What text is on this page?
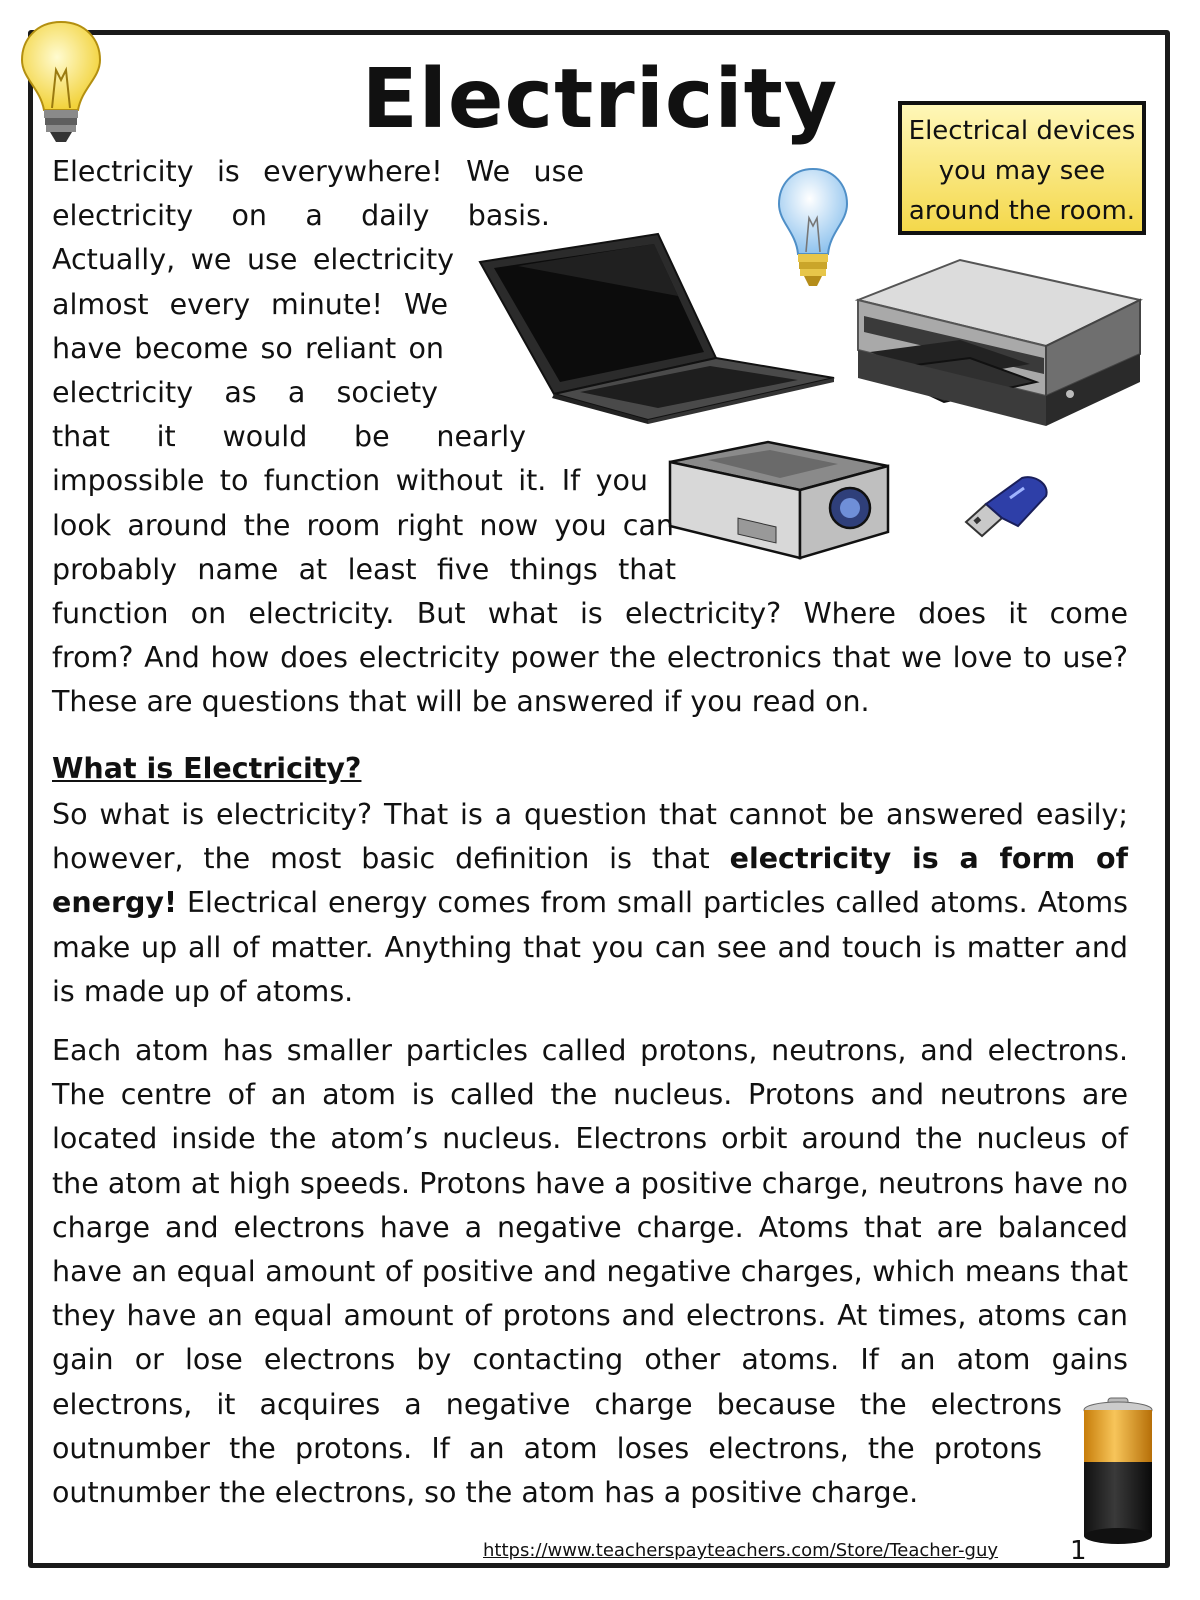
Electricity	Electrical devices
you may see
around the room.
Electricity is everywhere! We use
electricity on a daily basis.
Actually, we use electricity
almost every minute! We
have become so reliant on
electricity as a society
that it would be nearly
impossible to function without it. If you
look around the room right now you can
probably name at least five things that
function on electricity. But what is electricity? Where does it come
from? And how does electricity power the electronics that we love to use?
These are questions that will be answered if you read on.
What is Electricity?

So what is electricity? That is a question that cannot be answered easily; however, the most basic definition is that electricity is a form of energy! Electrical energy comes from small particles called atoms. Atoms make up all of matter. Anything that you can see and touch is matter and is made up of atoms.

Each atom has smaller particles called protons, neutrons, and electrons.
The centre of an atom is called the nucleus. Protons and neutrons are
located inside the atom’s nucleus. Electrons orbit around the nucleus of
the atom at high speeds. Protons have a positive charge, neutrons have no
charge and electrons have a negative charge. Atoms that are balanced
have an equal amount of positive and negative charges, which means that
they have an equal amount of protons and electrons. At times, atoms can
gain or lose electrons by contacting other atoms. If an atom gains
electrons, it acquires a negative charge because the electrons
outnumber the protons. If an atom loses electrons, the protons
outnumber the electrons, so the atom has a positive charge.
https://www.teacherspayteachers.com/Store/Teacher-guy	1
